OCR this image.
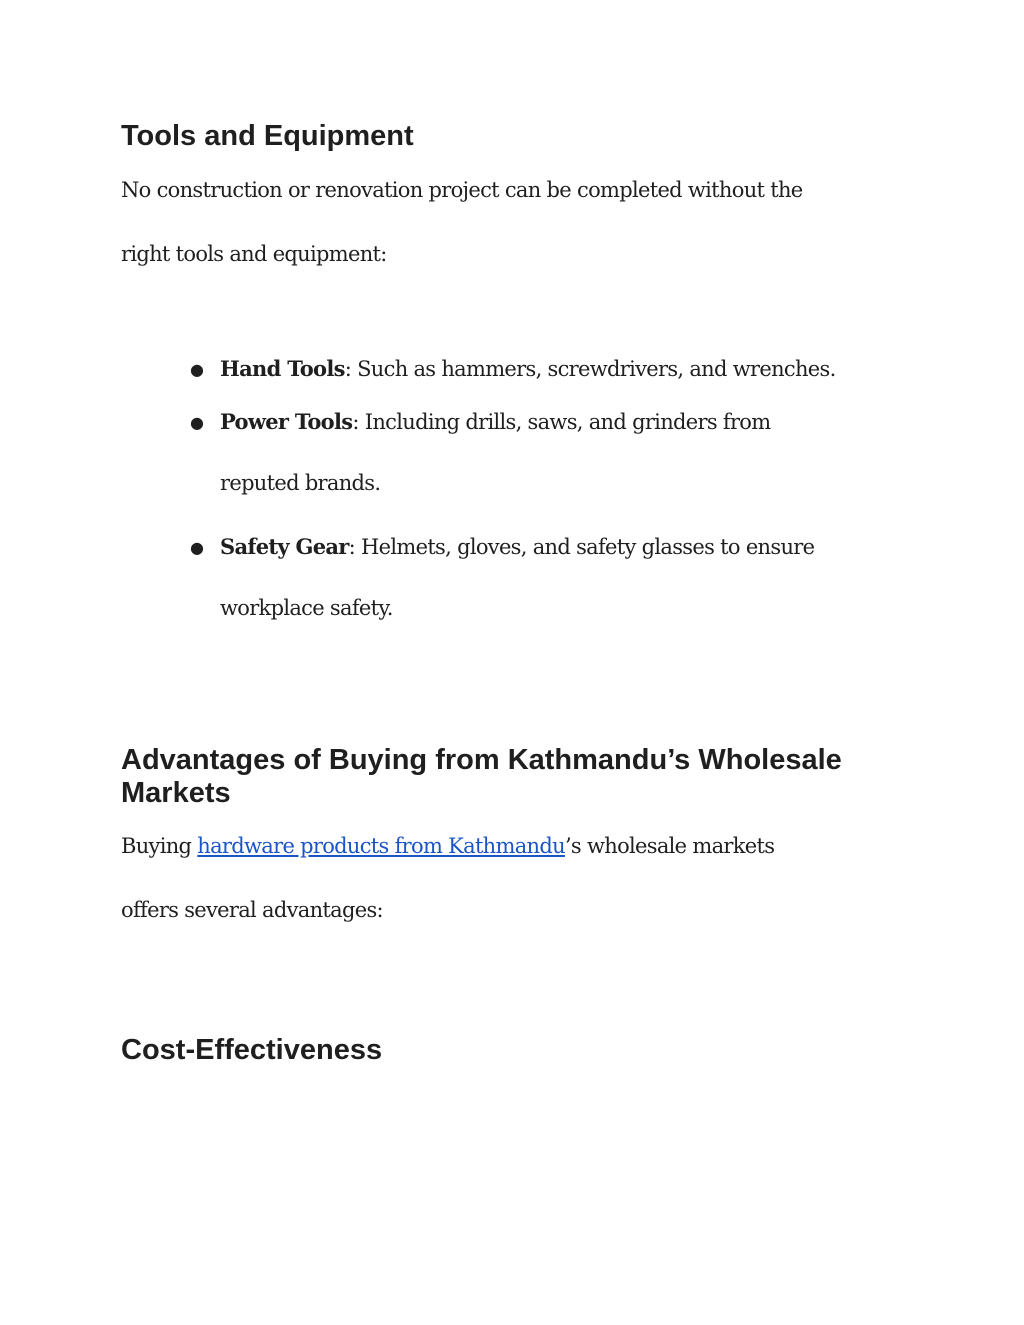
Tools and Equipment

No construction or renovation project can be completed without the

right tools and equipment:

● Hand Tools: Such as hammers, screwdrivers, and wrenches.

● Power Tools: Including drills, saws, and grinders from

reputed brands.

● Safety Gear: Helmets, gloves, and safety glasses to ensure

workplace safety.

Advantages of Buying from Kathmandu’s Wholesale
Markets

Buying hardware products from Kathmandu’s wholesale markets

offers several advantages:

Cost-Effectiveness
